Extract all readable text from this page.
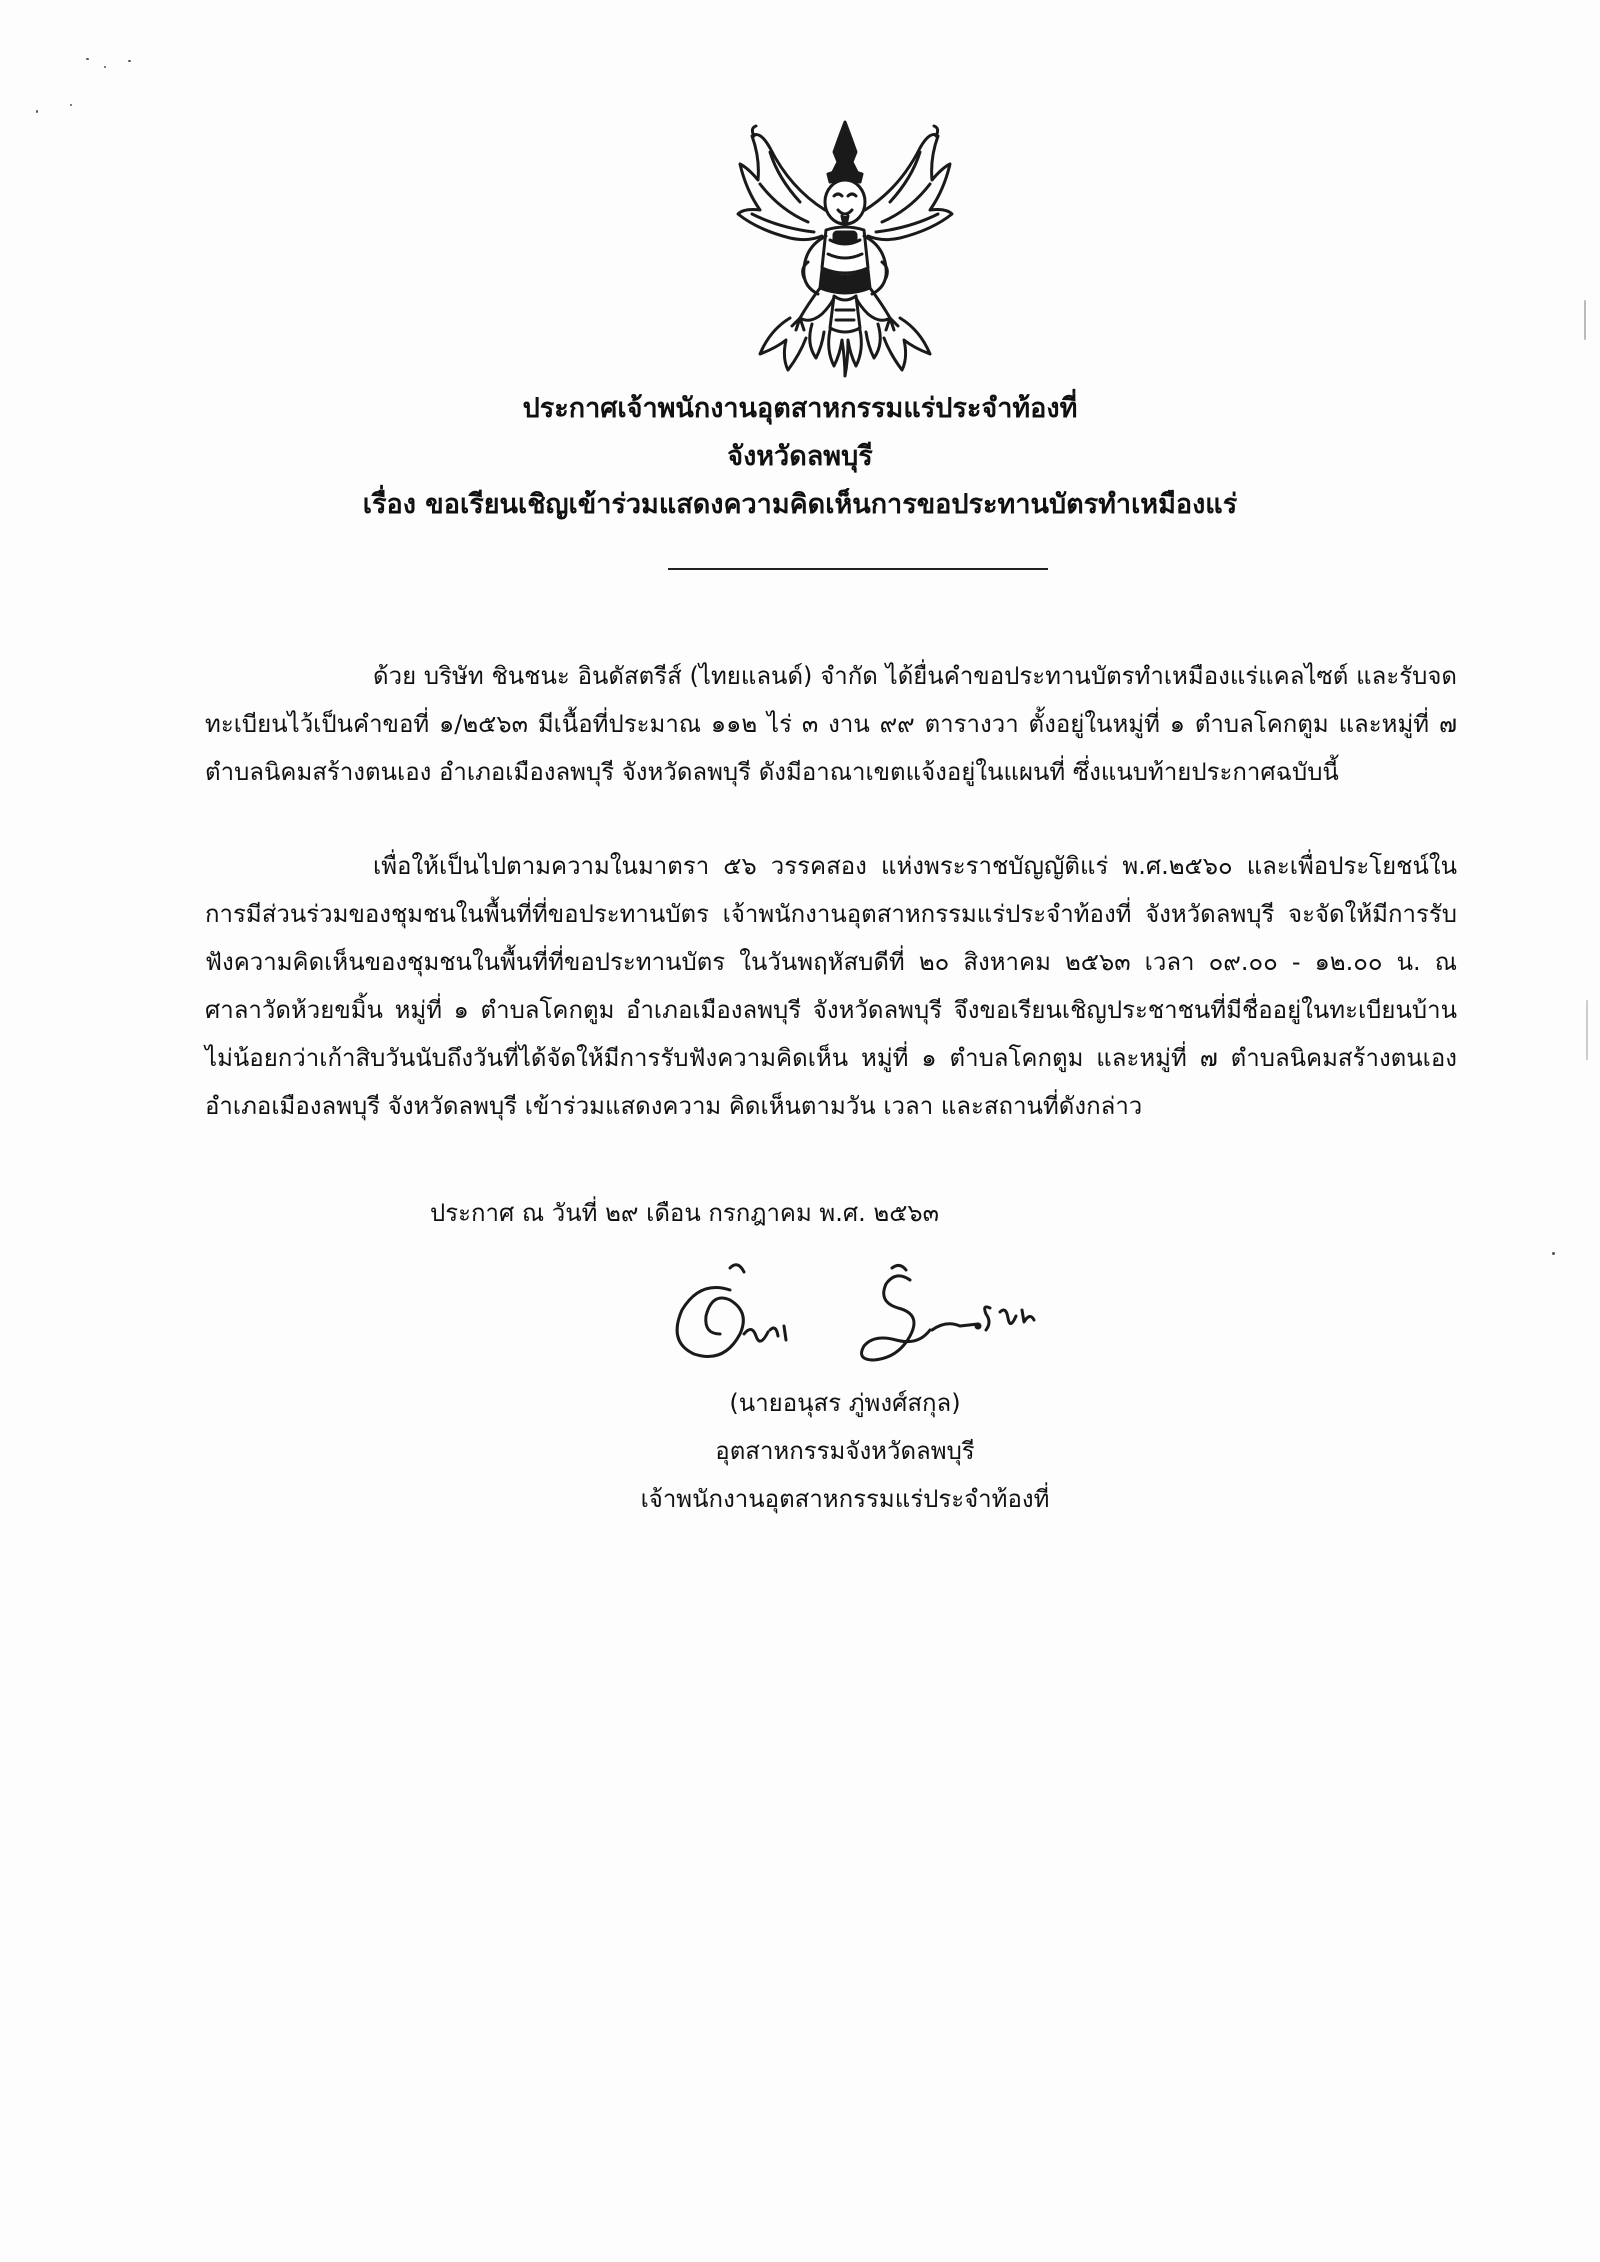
ประกาศเจ้าพนักงานอุตสาหกรรมแร่ประจำท้องที่
จังหวัดลพบุรี
เรื่อง ขอเรียนเชิญเข้าร่วมแสดงความคิดเห็นการขอประทานบัตรทำเหมืองแร่

ด้วย บริษัท ชินชนะ อินดัสตรีส์ (ไทยแลนด์) จำกัด ได้ยื่นคำขอประทานบัตรทำเหมืองแร่แคลไซต์ และรับจดทะเบียนไว้เป็นคำขอที่ ๑/๒๕๖๓ มีเนื้อที่ประมาณ ๑๑๒ ไร่ ๓ งาน ๙๙ ตารางวา ตั้งอยู่ในหมู่ที่ ๑ ตำบลโคกตูม และหมู่ที่ ๗ ตำบลนิคมสร้างตนเอง อำเภอเมืองลพบุรี จังหวัดลพบุรี ดังมีอาณาเขตแจ้งอยู่ในแผนที่ ซึ่งแนบท้ายประกาศฉบับนี้

เพื่อให้เป็นไปตามความในมาตรา ๕๖ วรรคสอง แห่งพระราชบัญญัติแร่ พ.ศ.๒๕๖๐ และเพื่อประโยชน์ในการมีส่วนร่วมของชุมชนในพื้นที่ที่ขอประทานบัตร เจ้าพนักงานอุตสาหกรรมแร่ประจำท้องที่ จังหวัดลพบุรี จะจัดให้มีการรับฟังความคิดเห็นของชุมชนในพื้นที่ที่ขอประทานบัตร ในวันพฤหัสบดีที่ ๒๐ สิงหาคม ๒๕๖๓ เวลา ๐๙.๐๐ - ๑๒.๐๐ น. ณ ศาลาวัดห้วยขมิ้น หมู่ที่ ๑ ตำบลโคกตูม อำเภอเมืองลพบุรี จังหวัดลพบุรี จึงขอเรียนเชิญประชาชนที่มีชื่ออยู่ในทะเบียนบ้านไม่น้อยกว่าเก้าสิบวันนับถึงวันที่ได้จัดให้มีการรับฟังความคิดเห็น หมู่ที่ ๑ ตำบลโคกตูม และหมู่ที่ ๗ ตำบลนิคมสร้างตนเอง อำเภอเมืองลพบุรี จังหวัดลพบุรี เข้าร่วมแสดงความ คิดเห็นตามวัน เวลา และสถานที่ดังกล่าว

ประกาศ ณ วันที่ ๒๙ เดือน กรกฎาคม พ.ศ. ๒๕๖๓
(นายอนุสร ภู่พงศ์สกุล)
อุตสาหกรรมจังหวัดลพบุรี
เจ้าพนักงานอุตสาหกรรมแร่ประจำท้องที่
